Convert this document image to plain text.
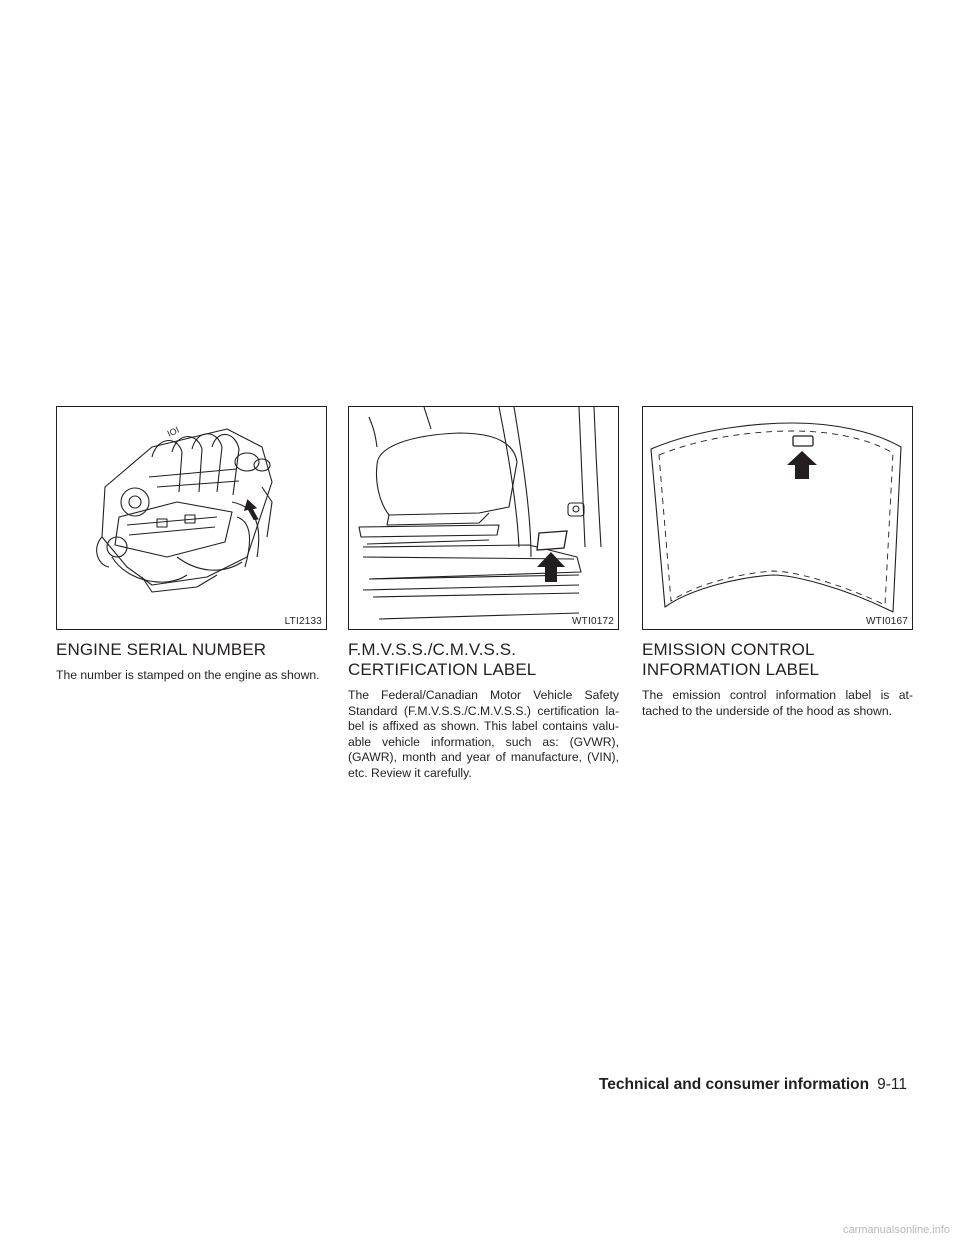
IOI
LTI2133
ENGINE SERIAL NUMBER

The number is stamped on the engine as shown.

WTI0172
F.M.V.S.S./C.M.V.S.S.
CERTIFICATION LABEL

The Federal/Canadian Motor Vehicle Safety Standard (F.M.V.S.S./C.M.V.S.S.) certification la- bel is affixed as shown. This label contains valu- able vehicle information, such as: (GVWR), (GAWR), month and year of manufacture, (VIN), etc. Review it carefully.

WTI0167
EMISSION CONTROL
INFORMATION LABEL

The emission control information label is at- tached to the underside of the hood as shown.

Technical and consumer information 9-11
carmanualsonline.info
